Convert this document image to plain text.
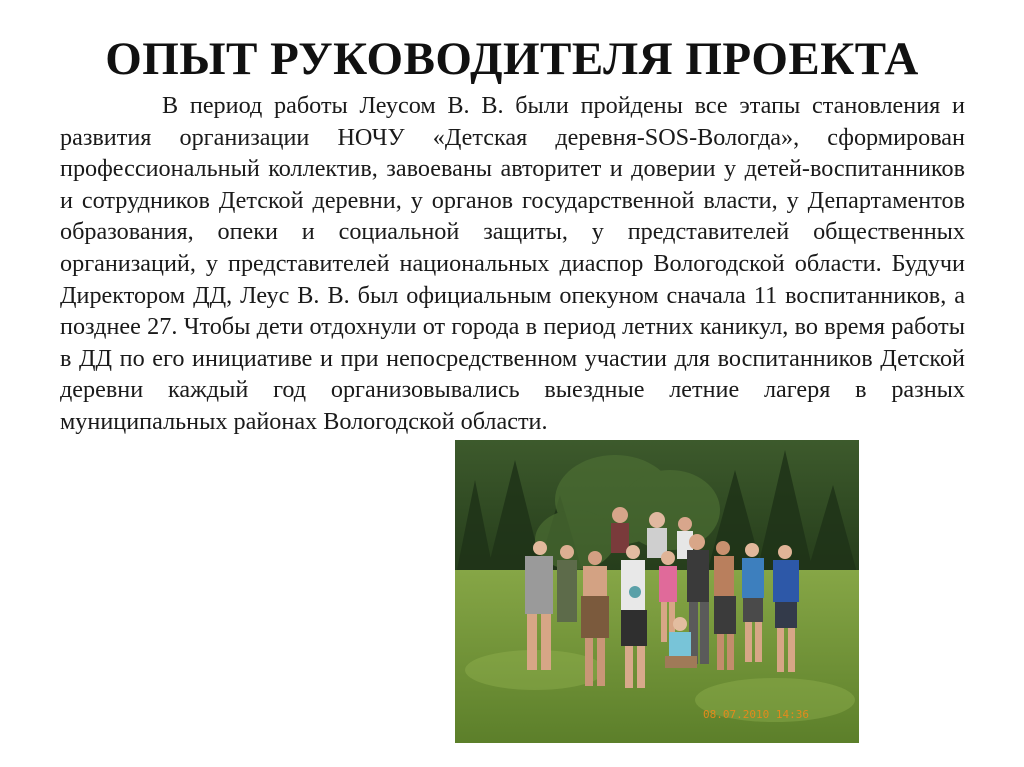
ОПЫТ РУКОВОДИТЕЛЯ ПРОЕКТА

В период работы Леусом В. В. были пройдены все этапы становления и развития организации НОЧУ «Детская деревня-SOS-Вологда», сформирован профессиональный коллектив, завоеваны авторитет и доверии у детей-воспитанников и сотрудников Детской деревни, у органов государственной власти, у Департаментов образования, опеки и социальной защиты, у представителей общественных организаций, у представителей национальных диаспор Вологодской области. Будучи Директором ДД, Леус В. В. был официальным опекуном сначала 11 воспитанников, а позднее 27. Чтобы дети отдохнули от города в период летних каникул, во время работы в ДД по его инициативе и при непосредственном участии для воспитанников Детской деревни каждый год организовывались выездные летние лагеря в разных муниципальных районах Вологодской области.

08.07.2010 14:36
